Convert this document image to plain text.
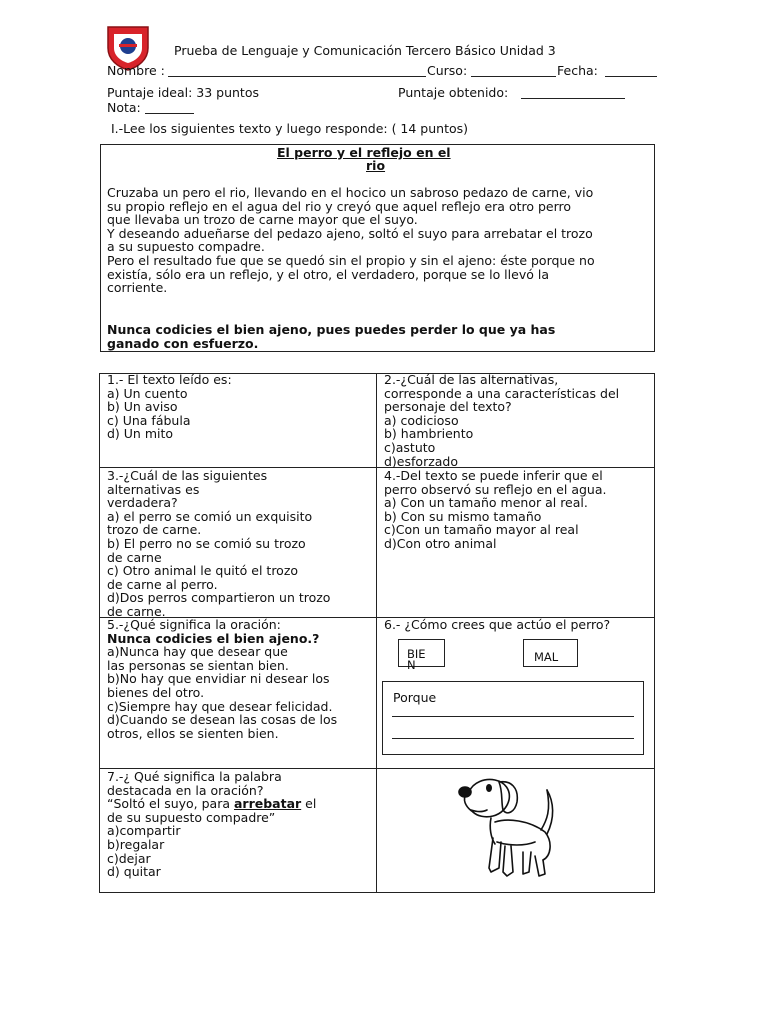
Prueba de Lenguaje y Comunicación Tercero Básico Unidad 3
Nombre :	Curso:	Fecha:
Puntaje ideal: 33 puntos	Puntaje obtenido:
Nota:
I.-Lee los siguientes texto y luego responde: ( 14 puntos)
El perro y el reflejo en el
rio

Cruzaba un pero el rio, llevando en el hocico un sabroso pedazo de carne, vio

su propio reflejo en el agua del rio y creyó que aquel reflejo era otro perro

que llevaba un trozo de carne mayor que el suyo.

Y deseando adueñarse del pedazo ajeno, soltó el suyo para arrebatar el trozo

a su supuesto compadre.

Pero el resultado fue que se quedó sin el propio y sin el ajeno: éste porque no

existía, sólo era un reflejo, y el otro, el verdadero, porque se lo llevó la

corriente.

Nunca codicies el bien ajeno, pues puedes perder lo que ya has
ganado con esfuerzo.
1.- El texto leído es:
a) Un cuento
b) Un aviso
c) Una fábula
d) Un mito
2.-¿Cuál de las alternativas,
corresponde a una características del
personaje del texto?
a) codicioso
b) hambriento
c)astuto
d)esforzado
3.-¿Cuál de las siguientes
alternativas es
verdadera?
a) el perro se comió un exquisito
trozo de carne.
b) El perro no se comió su trozo
de carne
c) Otro animal le quitó el trozo
de carne al perro.
d)Dos perros compartieron un trozo
de carne.
4.-Del texto se puede inferir que el
perro observó su reflejo en el agua.
a) Con un tamaño menor al real.
b) Con su mismo tamaño
c)Con un tamaño mayor al real
d)Con otro animal
5.-¿Qué significa la oración:
Nunca codicies el bien ajeno.?
a)Nunca hay que desear que
las personas se sientan bien.
b)No hay que envidiar ni desear los
bienes del otro.
c)Siempre hay que desear felicidad.
d)Cuando se desean las cosas de los
otros, ellos se sienten bien.
6.- ¿Cómo crees que actúo el perro?
BIE
N
MAL
Porque
7.-¿ Qué significa la palabra
destacada en la oración?
“Soltó el suyo, para arrebatar el
de su supuesto compadre”
a)compartir
b)regalar
c)dejar
d) quitar
